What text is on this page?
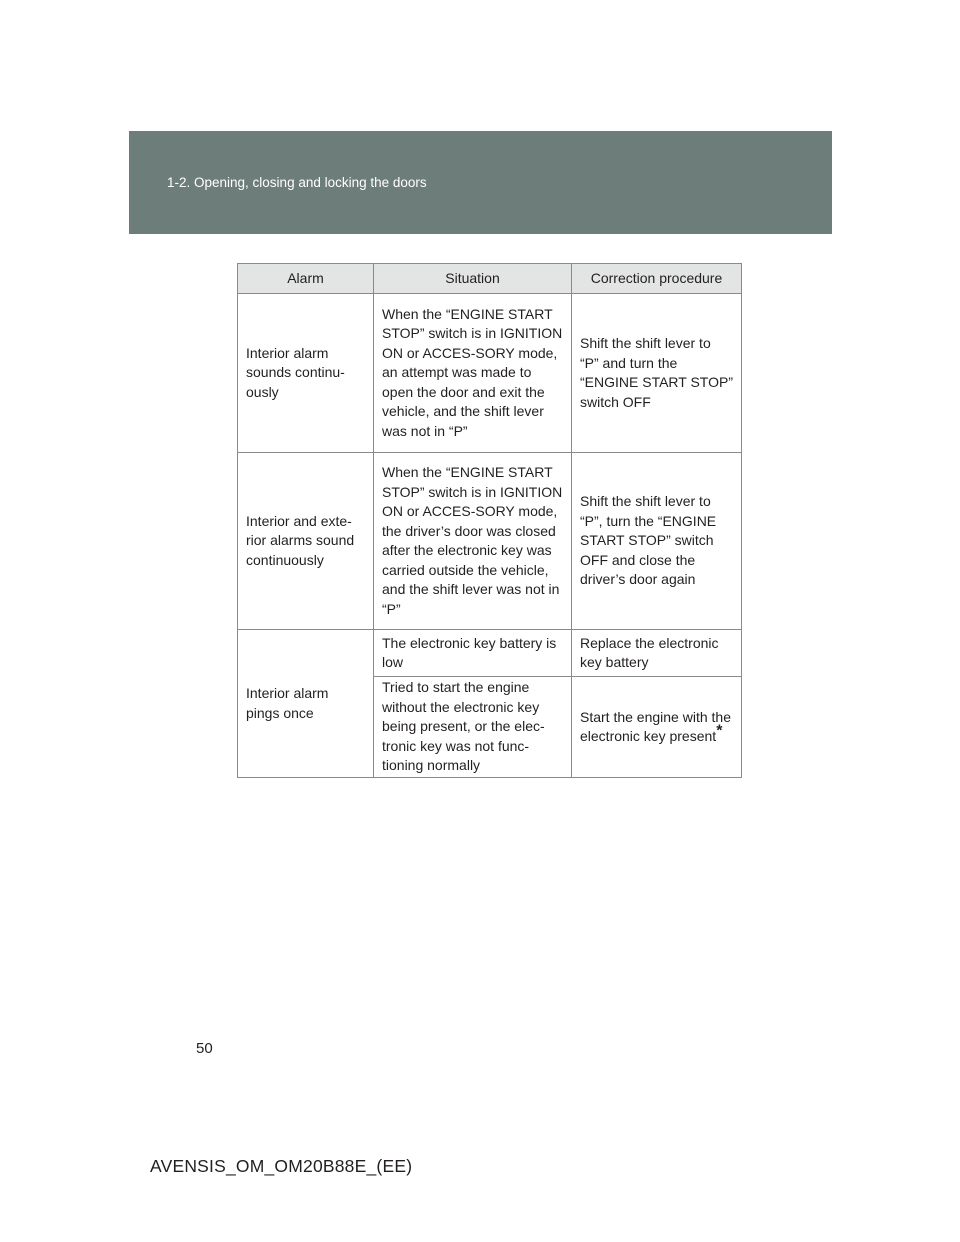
1-2. Opening, closing and locking the doors
Alarm	Situation	Correction procedure
Interior alarm sounds continu-ously	When the “ENGINE START STOP” switch is in IGNITION ON or ACCES-SORY mode, an attempt was made to open the door and exit the vehicle, and the shift lever was not in “P”	Shift the shift lever to “P” and turn the “ENGINE START STOP” switch OFF
Interior and exte-rior alarms sound continuously	When the “ENGINE START STOP” switch is in IGNITION ON or ACCES-SORY mode, the driver’s door was closed after the electronic key was carried outside the vehicle, and the shift lever was not in “P”	Shift the shift lever to “P”, turn the “ENGINE START STOP” switch OFF and close the driver’s door again
Interior alarm pings once	The electronic key battery is low	Replace the electronic key battery
	Tried to start the engine without the electronic key being present, or the elec-tronic key was not func-tioning normally	Start the engine with the electronic key present*
50
AVENSIS_OM_OM20B88E_(EE)
